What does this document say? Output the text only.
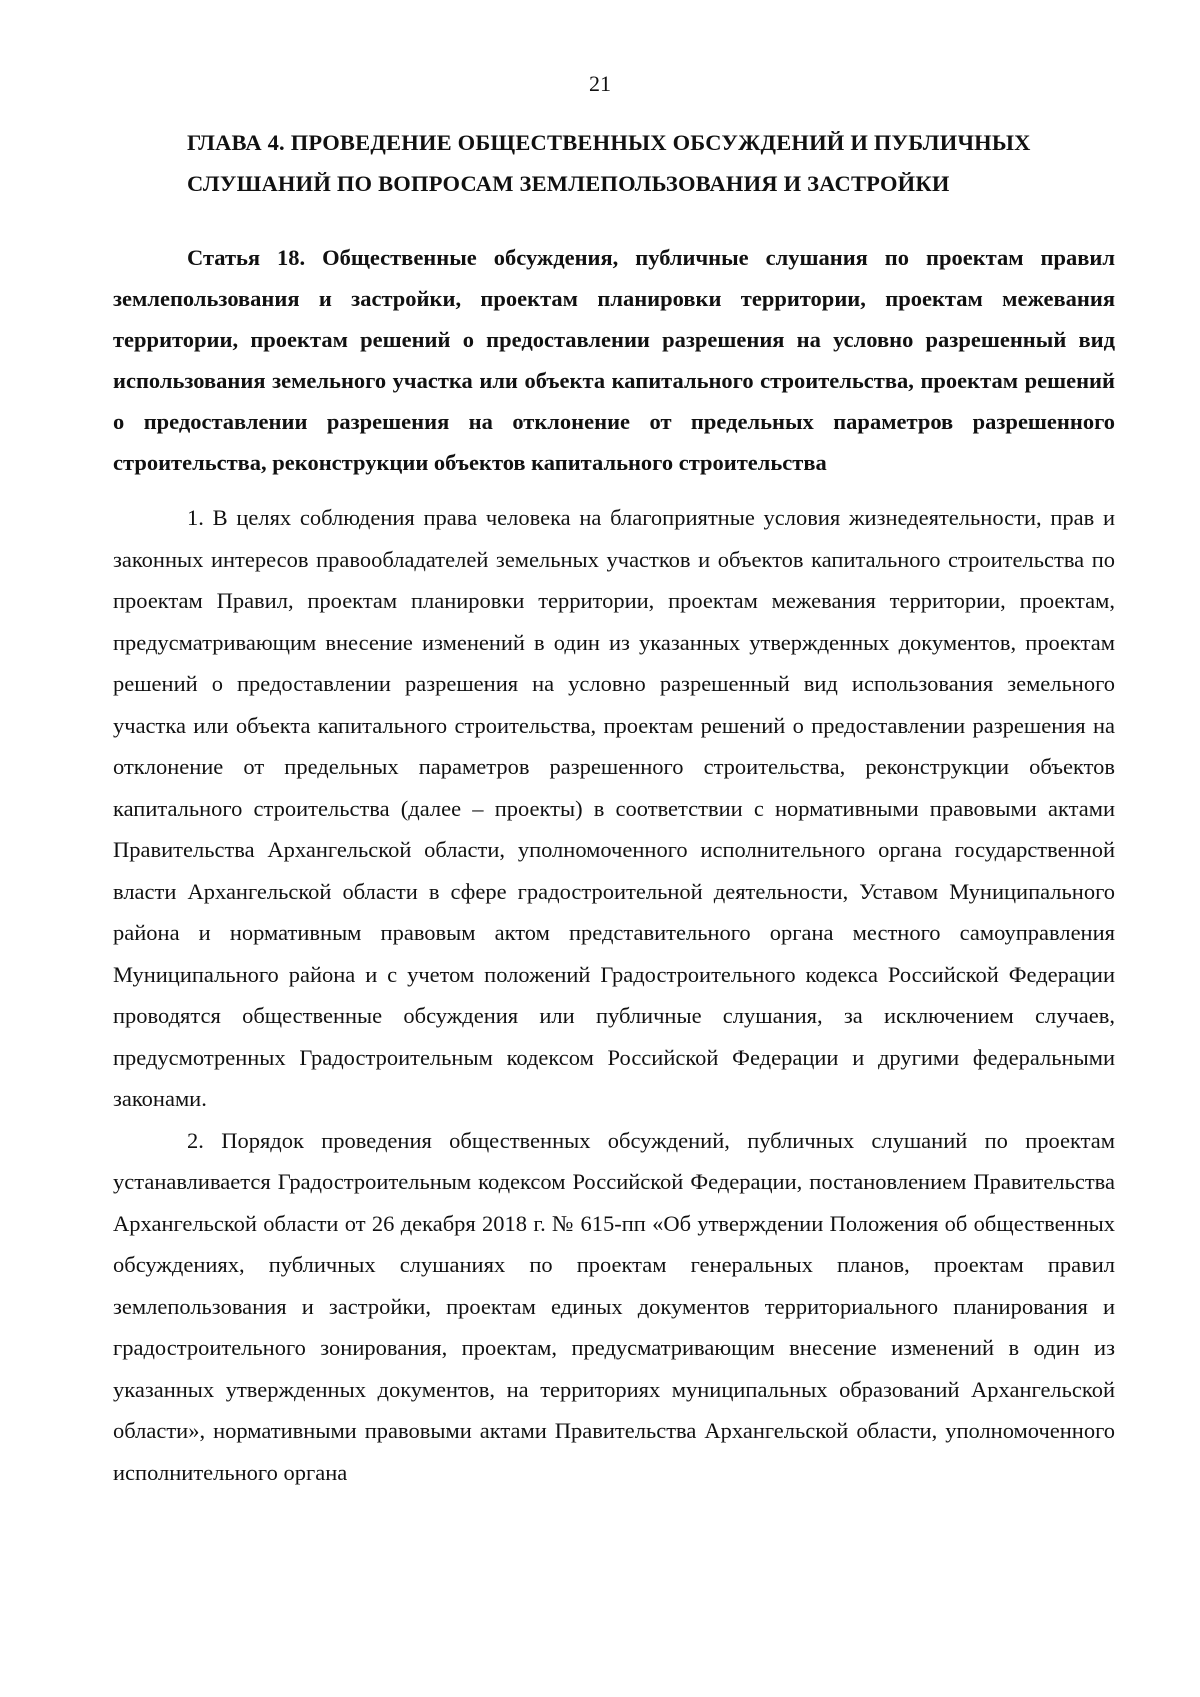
21
ГЛАВА 4. ПРОВЕДЕНИЕ ОБЩЕСТВЕННЫХ ОБСУЖДЕНИЙ И ПУБЛИЧНЫХ СЛУШАНИЙ ПО ВОПРОСАМ ЗЕМЛЕПОЛЬЗОВАНИЯ И ЗАСТРОЙКИ
Статья 18. Общественные обсуждения, публичные слушания по проектам правил землепользования и застройки, проектам планировки территории, проектам межевания территории, проектам решений о предоставлении разрешения на условно разрешенный вид использования земельного участка или объекта капитального строительства, проектам решений о предоставлении разрешения на отклонение от предельных параметров разрешенного строительства, реконструкции объектов капитального строительства

1. В целях соблюдения права человека на благоприятные условия жизнедеятельности, прав и законных интересов правообладателей земельных участков и объектов капитального строительства по проектам Правил, проектам планировки территории, проектам межевания территории, проектам, предусматривающим внесение изменений в один из указанных утвержденных документов, проектам решений о предоставлении разрешения на условно разрешенный вид использования земельного участка или объекта капитального строительства, проектам решений о предоставлении разрешения на отклонение от предельных параметров разрешенного строительства, реконструкции объектов капитального строительства (далее – проекты) в соответствии с нормативными правовыми актами Правительства Архангельской области, уполномоченного исполнительного органа государственной власти Архангельской области в сфере градостроительной деятельности, Уставом Муниципального района и нормативным правовым актом представительного органа местного самоуправления Муниципального района и с учетом положений Градостроительного кодекса Российской Федерации проводятся общественные обсуждения или публичные слушания, за исключением случаев, предусмотренных Градостроительным кодексом Российской Федерации и другими федеральными законами.

2. Порядок проведения общественных обсуждений, публичных слушаний по проектам устанавливается Градостроительным кодексом Российской Федерации, постановлением Правительства Архангельской области от 26 декабря 2018 г. № 615-пп «Об утверждении Положения об общественных обсуждениях, публичных слушаниях по проектам генеральных планов, проектам правил землепользования и застройки, проектам единых документов территориального планирования и градостроительного зонирования, проектам, предусматривающим внесение изменений в один из указанных утвержденных документов, на территориях муниципальных образований Архангельской области», нормативными правовыми актами Правительства Архангельской области, уполномоченного исполнительного органа
